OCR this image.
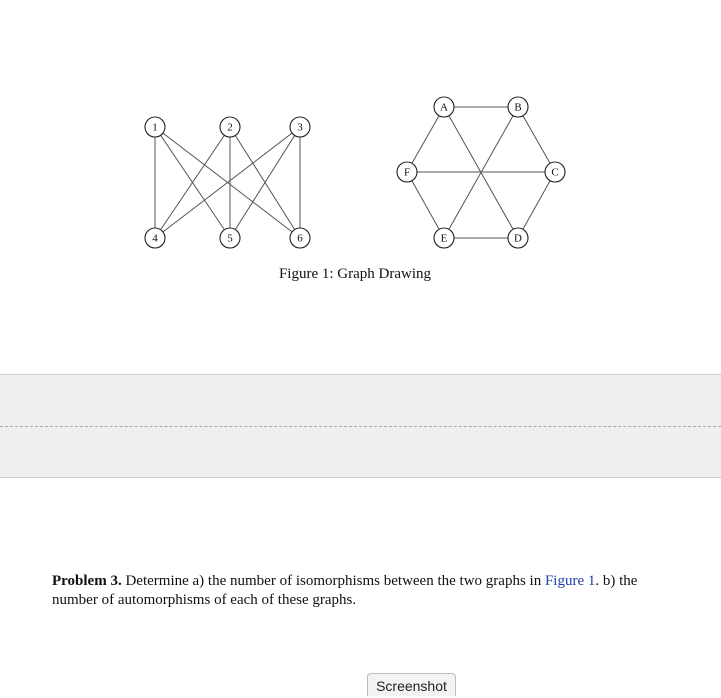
1	2	3
4	5	6
A	B
C
D
E
F
Figure 1: Graph Drawing
Problem 3. Determine a) the number of isomorphisms between the two graphs in Figure 1. b) the number of automorphisms of each of these graphs.
Screenshot
